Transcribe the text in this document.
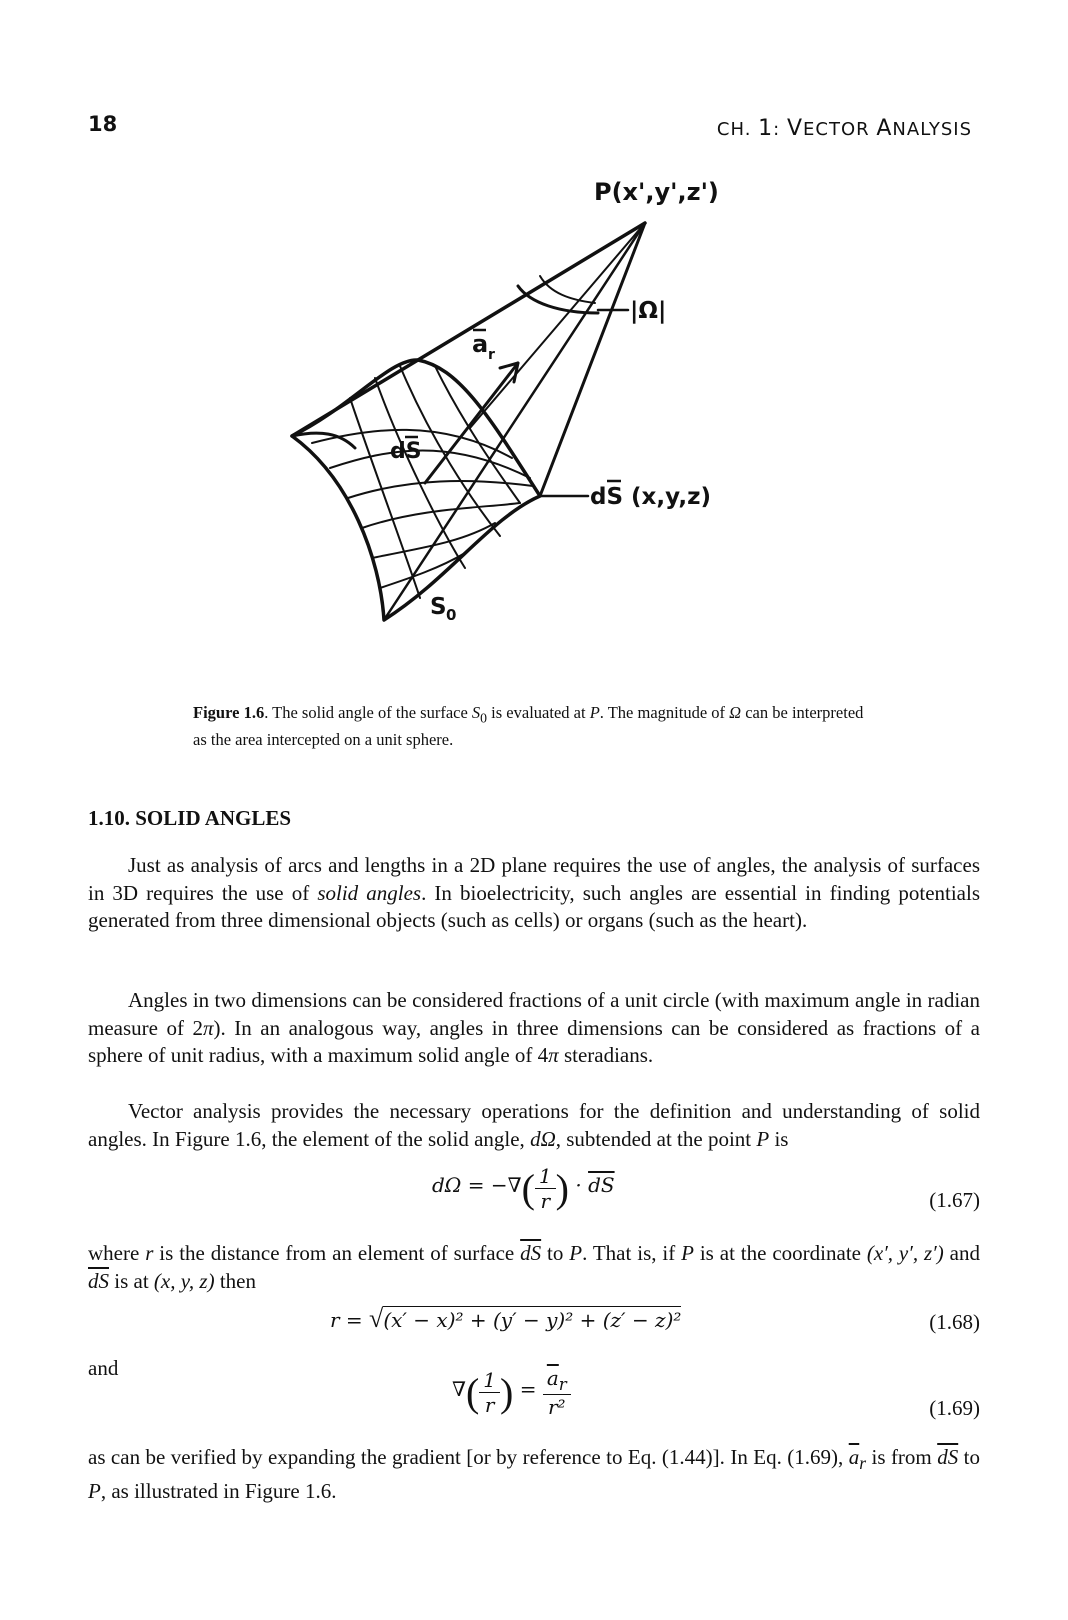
18	CH. 1: VECTOR ANALYSIS
P(x',y',z')
|Ω|
a r
dS
dS (x,y,z)
S 0
Figure 1.6. The solid angle of the surface $S_0$ is evaluated at P. The magnitude of Ω can be interpreted as the area intercepted on a unit sphere.
1.10. SOLID ANGLES
Just as analysis of arcs and lengths in a 2D plane requires the use of angles, the analysis of surfaces in 3D requires the use of solid angles. In bioelectricity, such angles are essential in finding potentials generated from three dimensional objects (such as cells) or organs (such as the heart).
Angles in two dimensions can be considered fractions of a unit circle (with maximum angle in radian measure of 2π). In an analogous way, angles in three dimensions can be considered as fractions of a sphere of unit radius, with a maximum solid angle of 4π steradians.
Vector analysis provides the necessary operations for the definition and understanding of solid angles. In Figure 1.6, the element of the solid angle, dΩ, subtended at the point P is
dΩ = −∇( $\frac{1}{r}$ ) · $\overline{dS}$
(1.67)
where r is the distance from an element of surface $\overline{dS}$ to P. That is, if P is at the coordinate (x′, y′, z′) and $\overline{dS}$ is at (x, y, z) then
r = √(x′ − x)² + (y′ − y)² + (z′ − z)²	(1.68)
and
∇( $\frac{1}{r}$ ) = $\frac{\overline{a}_r}{\text{r²}}$	(1.69)
as can be verified by expanding the gradient [or by reference to Eq. (1.44)]. In Eq. (1.69), $\overline{a}_r$ is from $\overline{dS}$ to P, as illustrated in Figure 1.6.
